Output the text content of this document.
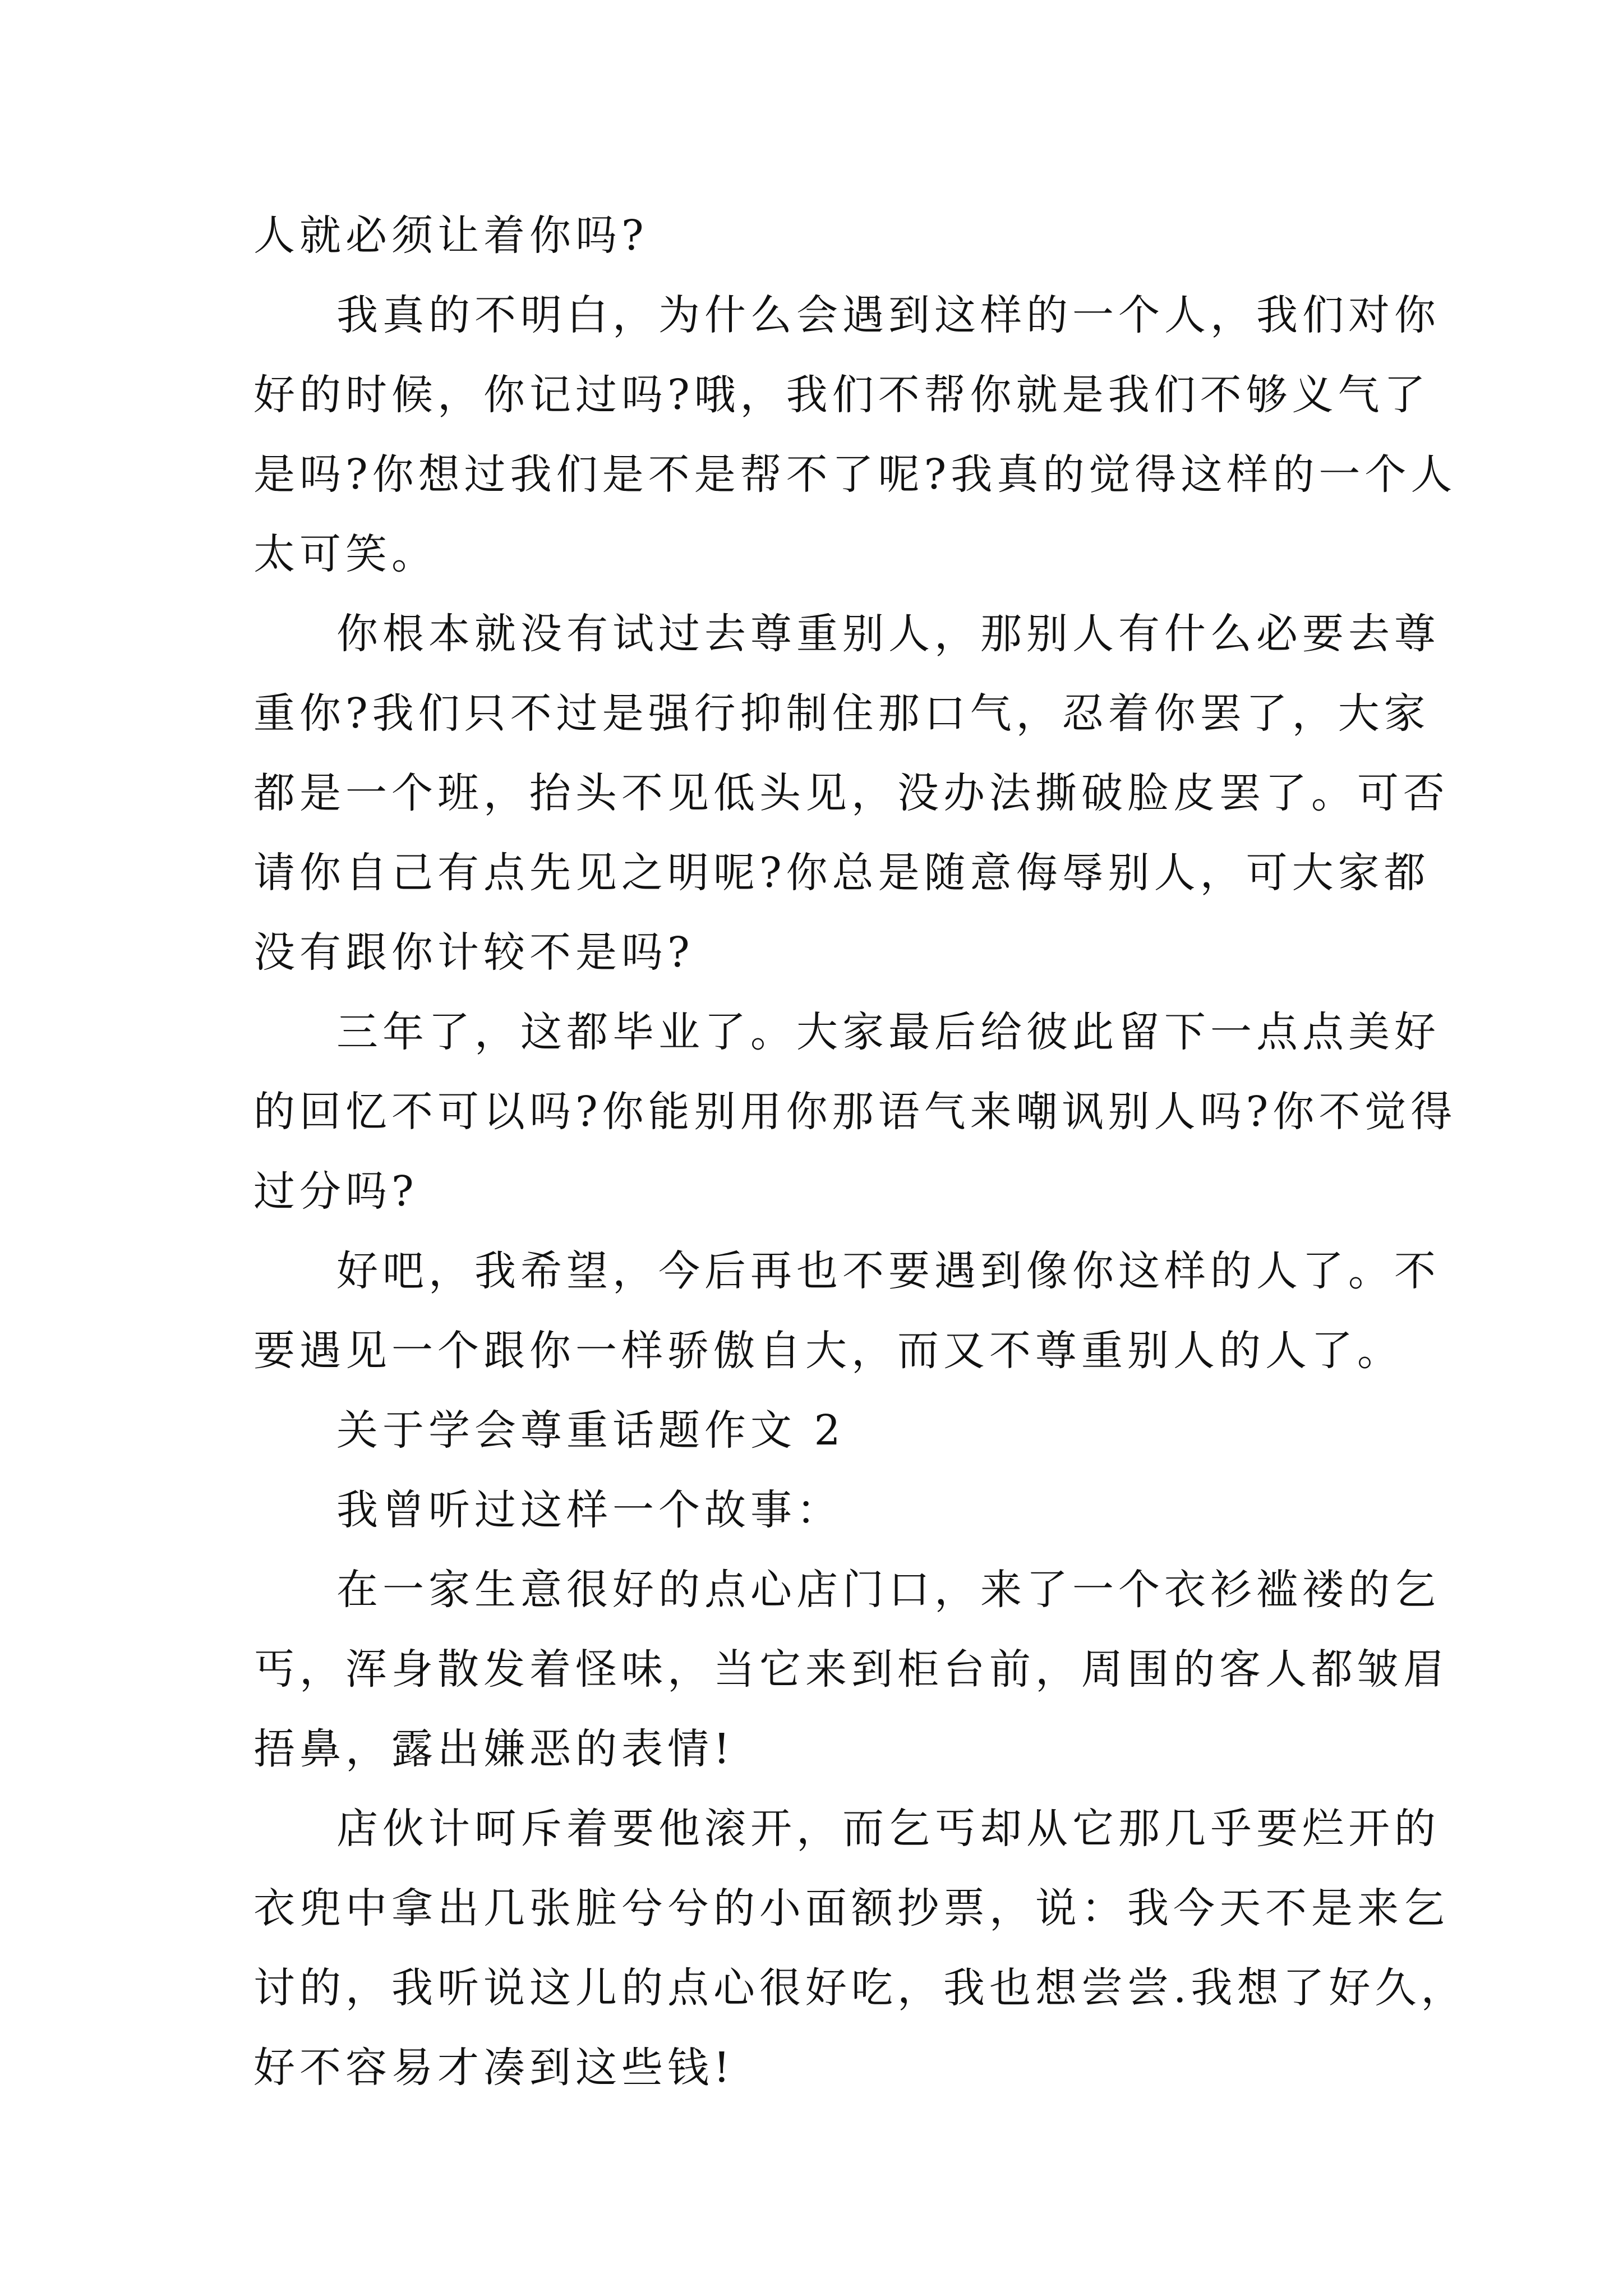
人就必须让着你吗?

我真的不明白，为什么会遇到这样的一个人，我们对你

好的时候，你记过吗?哦，我们不帮你就是我们不够义气了

是吗?你想过我们是不是帮不了呢?我真的觉得这样的一个人

太可笑。

你根本就没有试过去尊重别人，那别人有什么必要去尊

重你?我们只不过是强行抑制住那口气，忍着你罢了，大家

都是一个班，抬头不见低头见，没办法撕破脸皮罢了。可否

请你自己有点先见之明呢?你总是随意侮辱别人，可大家都

没有跟你计较不是吗?

三年了，这都毕业了。大家最后给彼此留下一点点美好

的回忆不可以吗?你能别用你那语气来嘲讽别人吗?你不觉得

过分吗?

好吧，我希望，今后再也不要遇到像你这样的人了。不

要遇见一个跟你一样骄傲自大，而又不尊重别人的人了。

关于学会尊重话题作文 2

我曾听过这样一个故事：

在一家生意很好的点心店门口，来了一个衣衫褴褛的乞

丐，浑身散发着怪味，当它来到柜台前，周围的客人都皱眉

捂鼻，露出嫌恶的表情!

店伙计呵斥着要他滚开，而乞丐却从它那几乎要烂开的

衣兜中拿出几张脏兮兮的小面额抄票，说：我今天不是来乞

讨的，我听说这儿的点心很好吃，我也想尝尝.我想了好久，

好不容易才凑到这些钱!
